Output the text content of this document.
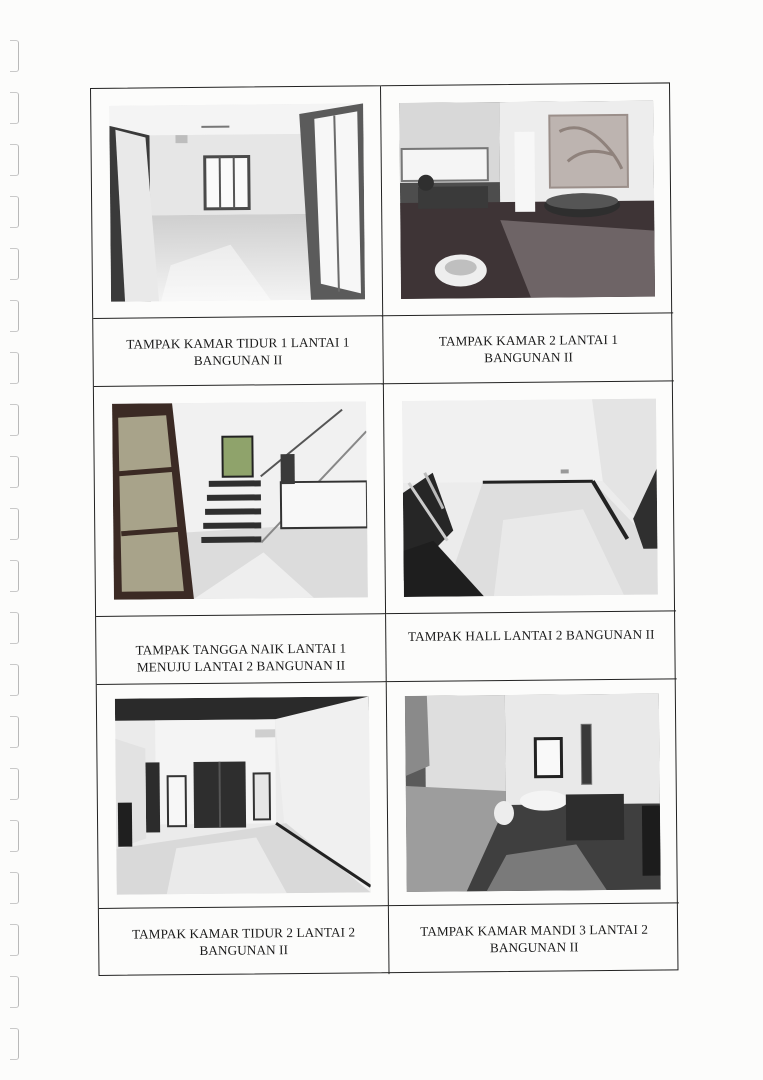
TAMPAK KAMAR TIDUR 1 LANTAI 1
BANGUNAN II
TAMPAK KAMAR 2 LANTAI 1
BANGUNAN II
TAMPAK TANGGA NAIK LANTAI 1
MENUJU LANTAI 2 BANGUNAN II
TAMPAK HALL LANTAI 2 BANGUNAN II
TAMPAK KAMAR TIDUR 2 LANTAI 2
BANGUNAN II
TAMPAK KAMAR MANDI 3 LANTAI 2
BANGUNAN II
